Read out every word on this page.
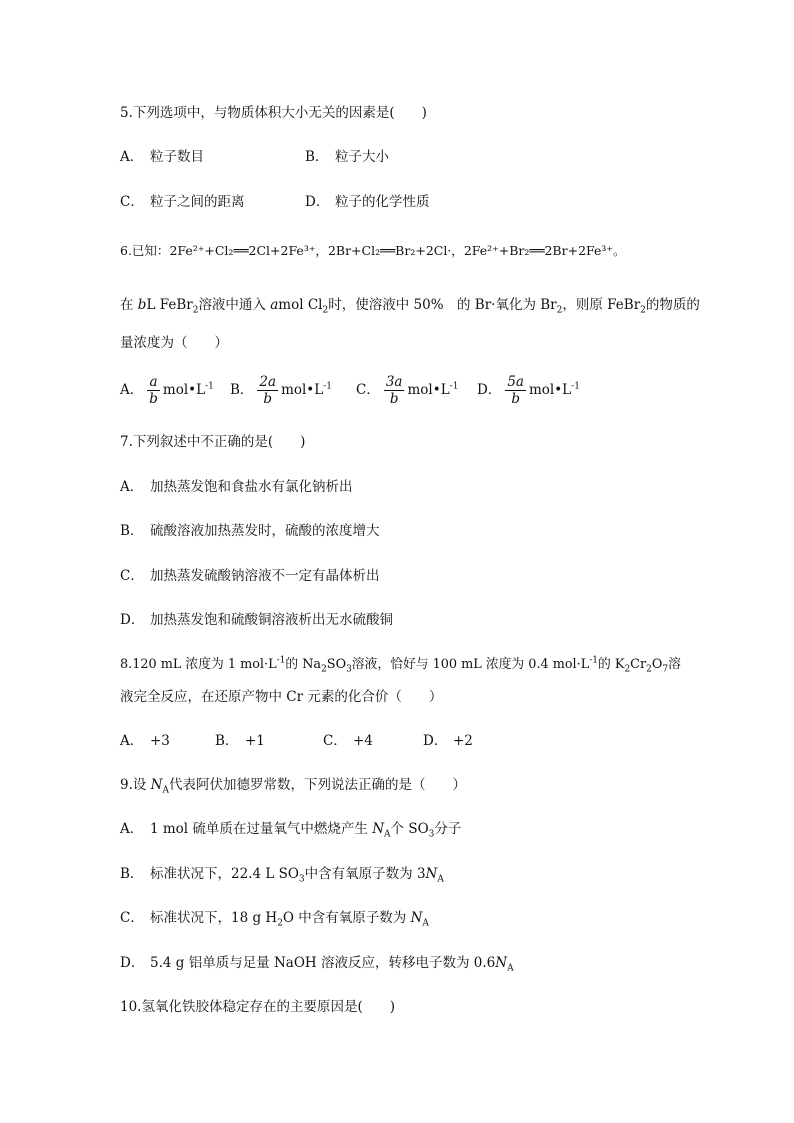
5.下列选项中，与物质体积大小无关的因素是(　　)
A． 粒子数目	B． 粒子大小
C． 粒子之间的距离	D． 粒子的化学性质
6.已知：2Fe²⁺+Cl₂══2Cl+2Fe³⁺，2Br+Cl₂══Br₂+2Cl·，2Fe²⁺+Br₂══2Br+2Fe³⁺。
在 bL FeBr$_2$溶液中通入 amol $Cl_2$时，使溶液中 50%　的 Br·氧化为 $Br_2$，则原 FeBr$_2$的物质的
量浓度为（　　）
A． $\frac{a}{b}$ $mol•L^{-1}$ B． $\frac{2a}{b}$ $mol•L^{-1}$ C． $\frac{3a}{b}$ $mol•L^{-1}$ D． $\frac{5a}{b}$ $mol•L^{-1}$
7.下列叙述中不正确的是(　　)
A． 加热蒸发饱和食盐水有氯化钠析出
B． 硫酸溶液加热蒸发时，硫酸的浓度增大
C． 加热蒸发硫酸钠溶液不一定有晶体析出
D． 加热蒸发饱和硫酸铜溶液析出无水硫酸铜
8.120 mL 浓度为 1 $mol\cdot L^{-1}$的 $Na_2SO_3$溶液，恰好与 100 mL 浓度为 0.4 $mol\cdot L^{-1}$的 $K_2Cr_2O_7$溶
液完全反应，在还原产物中 Cr 元素的化合价（　　）
A． +3	B． +1	C． +4	D． +2
9.设 $N_A$代表阿伏加德罗常数，下列说法正确的是（　　）
A． 1 mol 硫单质在过量氧气中燃烧产生 $N_A$个 $SO_3$分子
B． 标准状况下，22.4 L $SO_3$中含有氧原子数为 $3N_A$
C． 标准状况下，18 g $H_2O$ 中含有氧原子数为 $N_A$
D． 5.4 g 铝单质与足量 NaOH 溶液反应，转移电子数为 $0.6N_A$
10.氢氧化铁胶体稳定存在的主要原因是(　　)
